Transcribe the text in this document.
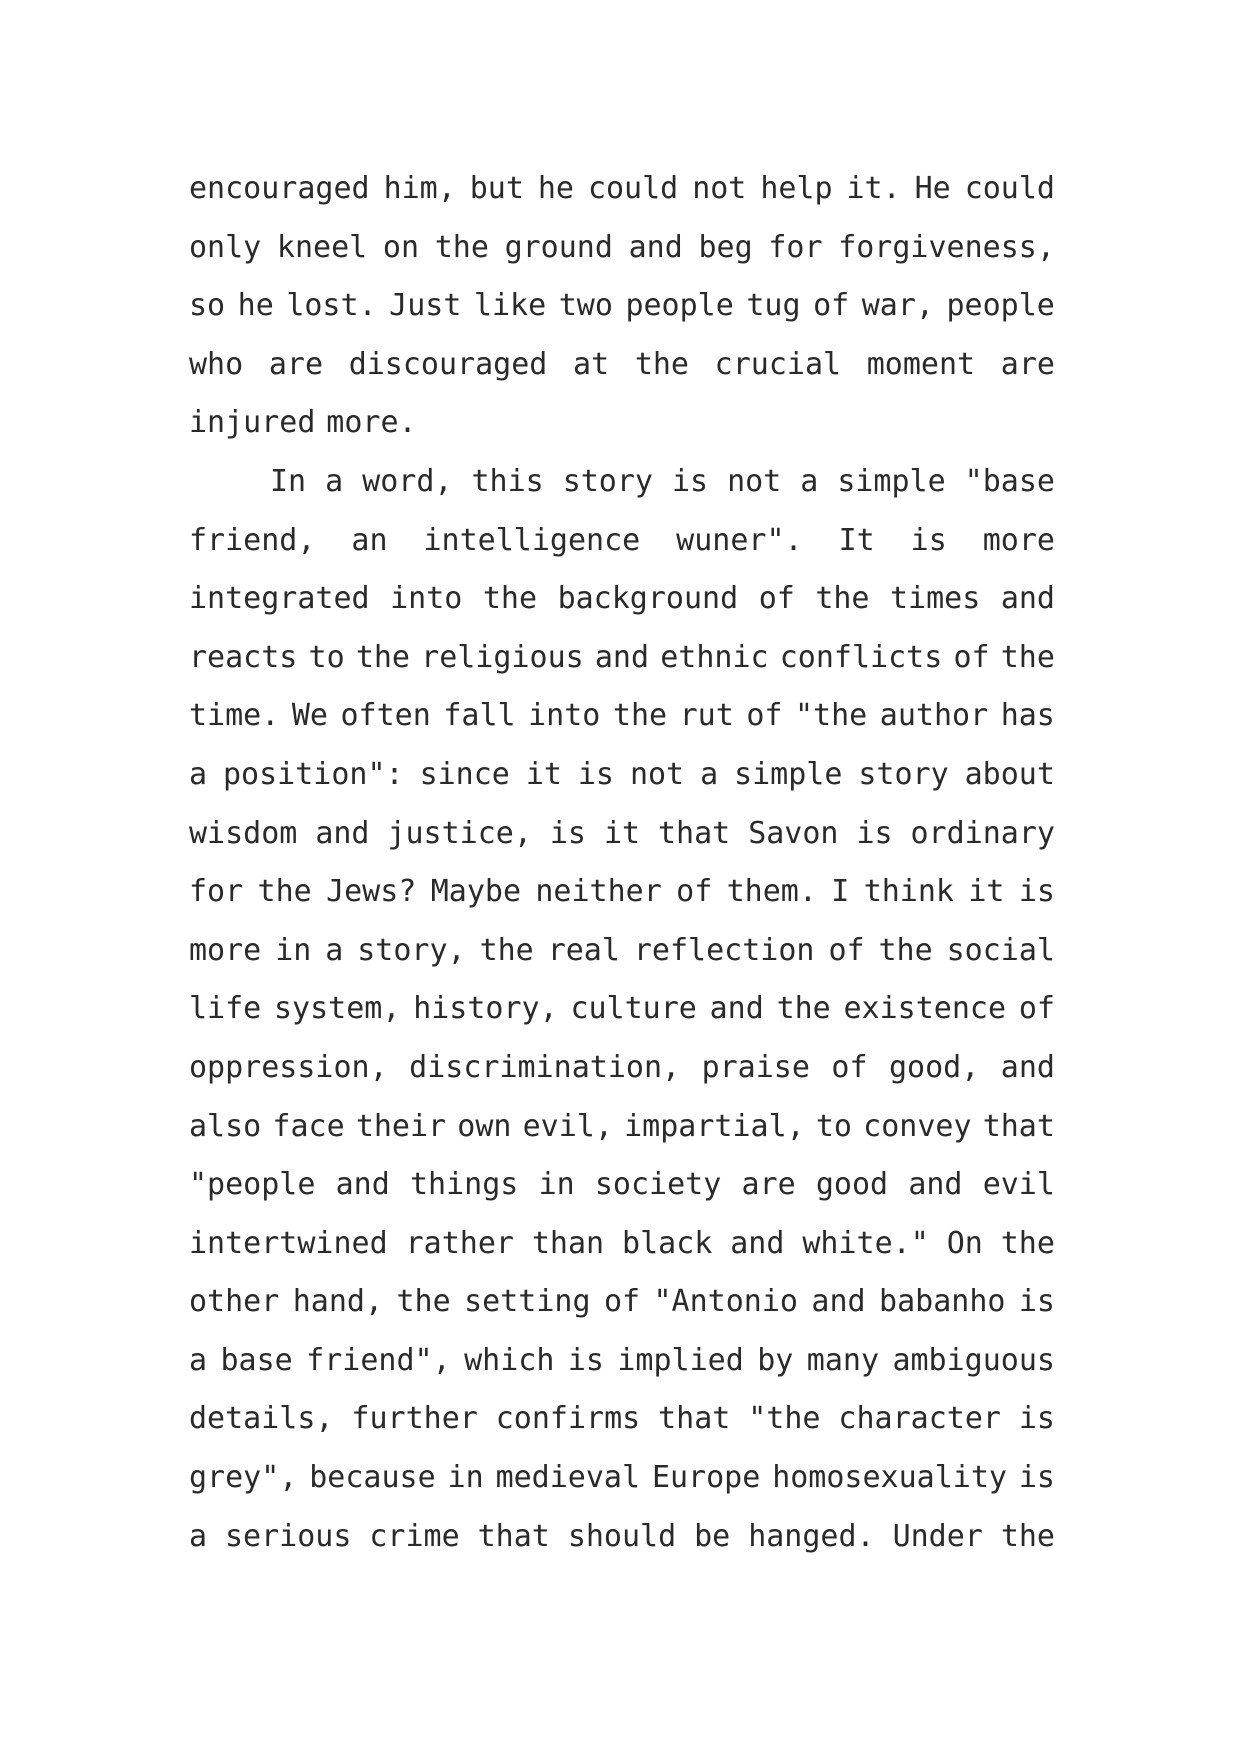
encouraged him, but he could not help it. He could
only kneel on the ground and beg for forgiveness,
so he lost. Just like two people tug of war, people
who are discouraged at the crucial moment are
injured more.
In a word, this story is not a simple "base
friend, an intelligence wuner". It is more
integrated into the background of the times and
reacts to the religious and ethnic conflicts of the
time. We often fall into the rut of "the author has
a position": since it is not a simple story about
wisdom and justice, is it that Savon is ordinary
for the Jews? Maybe neither of them. I think it is
more in a story, the real reflection of the social
life system, history, culture and the existence of
oppression, discrimination, praise of good, and
also face their own evil, impartial, to convey that
"people and things in society are good and evil
intertwined rather than black and white." On the
other hand, the setting of "Antonio and babanho is
a base friend", which is implied by many ambiguous
details, further confirms that "the character is
grey", because in medieval Europe homosexuality is
a serious crime that should be hanged. Under the
